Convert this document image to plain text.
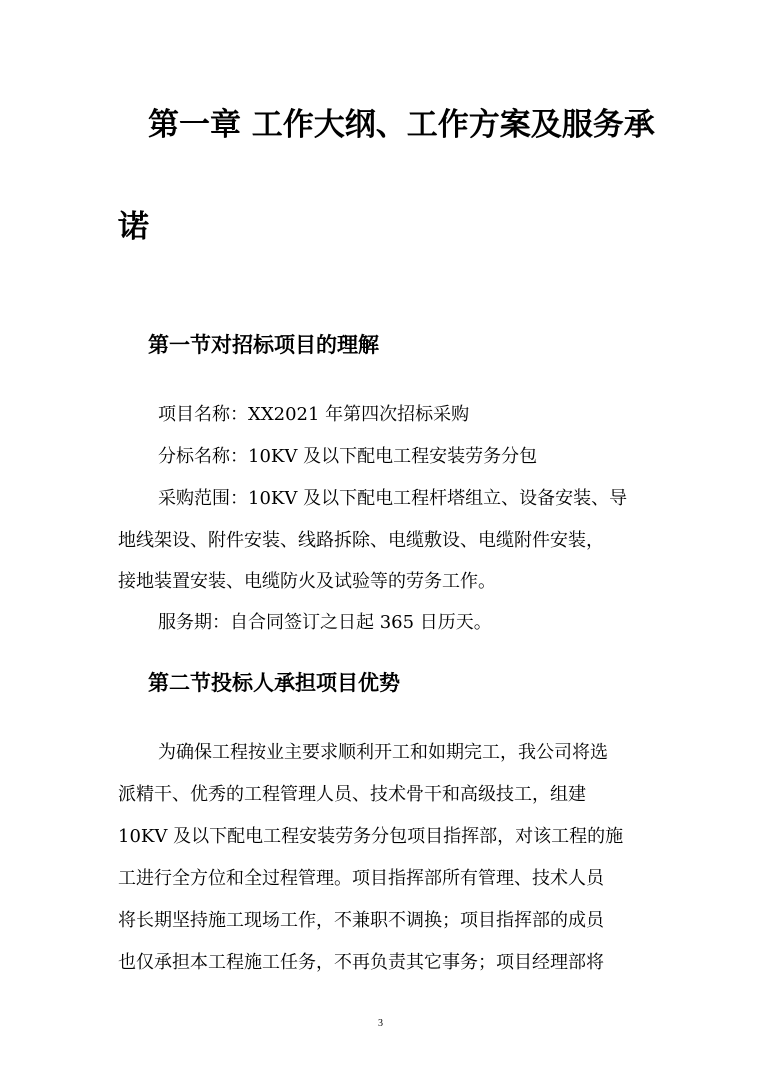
第一章 工作大纲、工作方案及服务承
诺
第一节对招标项目的理解
项目名称：XX2021 年第四次招标采购
分标名称：10KV 及以下配电工程安装劳务分包
采购范围：10KV 及以下配电工程杆塔组立、设备安装、导
地线架设、附件安装、线路拆除、电缆敷设、电缆附件安装，
接地装置安装、电缆防火及试验等的劳务工作。
服务期：自合同签订之日起 365 日历天。
第二节投标人承担项目优势
为确保工程按业主要求顺利开工和如期完工，我公司将选
派精干、优秀的工程管理人员、技术骨干和高级技工，组建
10KV 及以下配电工程安装劳务分包项目指挥部，对该工程的施
工进行全方位和全过程管理。项目指挥部所有管理、技术人员
将长期坚持施工现场工作，不兼职不调换；项目指挥部的成员
也仅承担本工程施工任务，不再负责其它事务；项目经理部将
3
